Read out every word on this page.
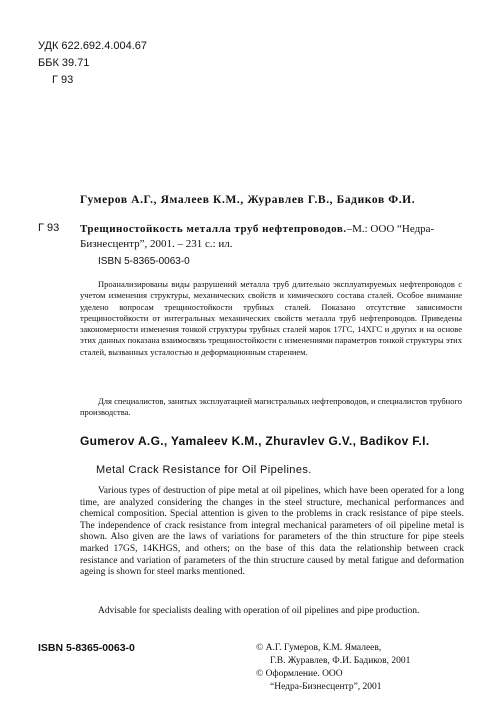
УДК 622.692.4.004.67
ББК 39.71
Г 93
Г 93
Гумеров А.Г., Ямалеев К.М., Журавлев Г.В., Бадиков Ф.И.
Трещиностойкость металла труб нефтепроводов.–М.: ООО “Недра-Бизнесцентр”, 2001. – 231 с.: ил.
ISBN 5-8365-0063-0

Проанализированы виды разрушений металла труб длительно эксплуатируемых нефтепроводов с учетом изменения структуры, механических свойств и химического состава сталей. Особое внимание уделено вопросам трещиностойкости трубных сталей. Показано отсутствие зависимости трещиностойкости от интегральных механических свойств металла труб нефтепроводов. Приведены закономерности изменения тонкой структуры трубных сталей марок 17ГС, 14ХГС и других и на основе этих данных показана взаимосвязь трещиностойкости с изменениями параметров тонкой структуры этих сталей, вызванных усталостью и деформационным старением.

Для специалистов, занятых эксплуатацией магистральных нефтепроводов, и специалистов трубного производства.

Gumerov A.G., Yamaleev K.M., Zhuravlev G.V., Badikov F.I.
Metal Crack Resistance for Oil Pipelines.

Various types of destruction of pipe metal at oil pipelines, which have been operated for a long time, are analyzed considering the changes in the steel structure, mechanical performances and chemical composition. Special attention is given to the problems in crack resistance of pipe steels. The independence of crack resistance from integral mechanical parameters of oil pipeline metal is shown. Also given are the laws of variations for parameters of the thin structure for pipe steels marked 17GS, 14KHGS, and others; on the base of this data the relationship between crack resistance and variation of parameters of the thin structure caused by metal fatigue and deformation ageing is shown for steel marks mentioned.

Advisable for specialists dealing with operation of oil pipelines and pipe production.

ISBN 5-8365-0063-0	© А.Г. Гумеров, К.М. Ямалеев,
Г.В. Журавлев, Ф.И. Бадиков, 2001
© Оформление. ООО
“Недра-Бизнесцентр”, 2001
